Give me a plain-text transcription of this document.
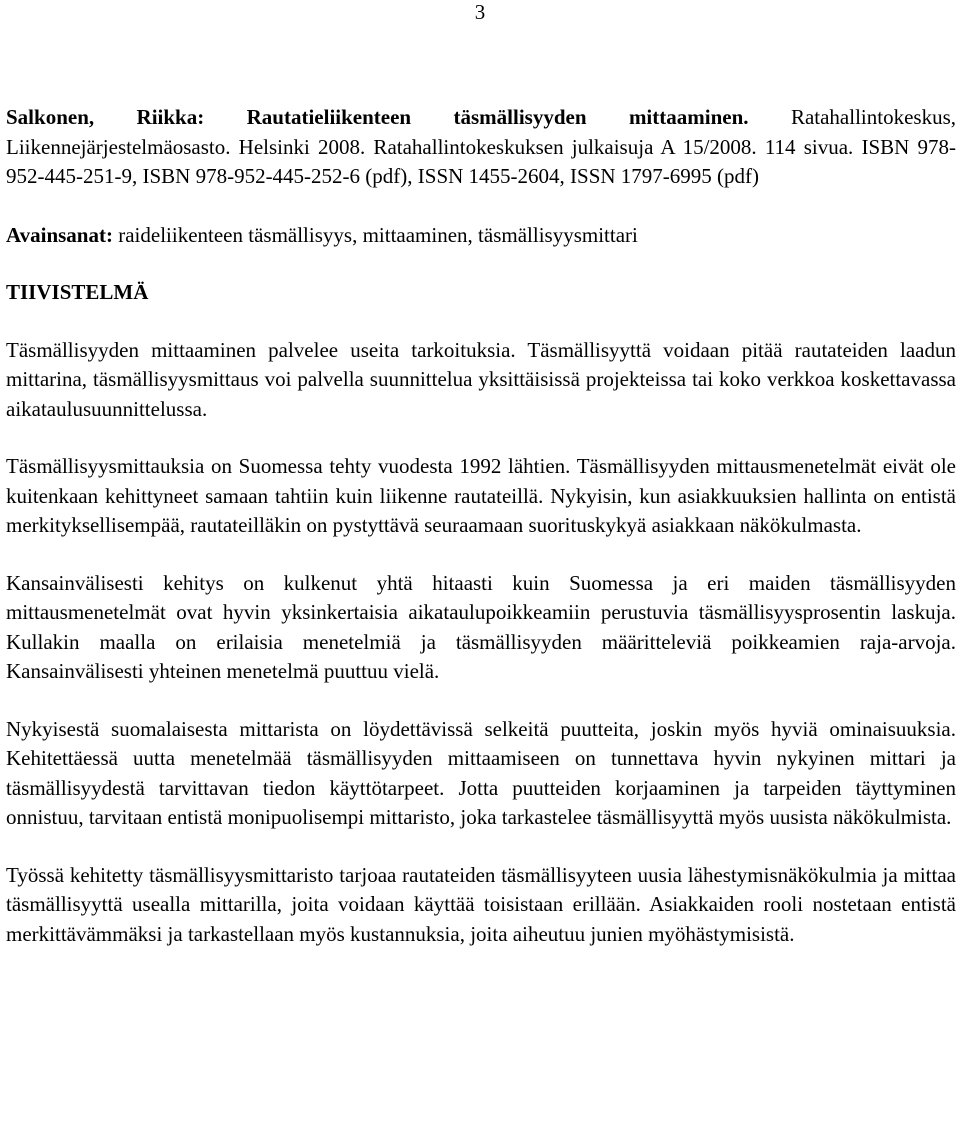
3

Salkonen, Riikka: Rautatieliikenteen täsmällisyyden mittaaminen. Ratahallintokeskus, Liikennejärjestelmäosasto. Helsinki 2008. Ratahallintokeskuksen julkaisuja A 15/2008. 114 sivua. ISBN 978-952-445-251-9, ISBN 978-952-445-252-6 (pdf), ISSN 1455-2604, ISSN 1797-6995 (pdf)

Avainsanat: raideliikenteen täsmällisyys, mittaaminen, täsmällisyysmittari

TIIVISTELMÄ

Täsmällisyyden mittaaminen palvelee useita tarkoituksia. Täsmällisyyttä voidaan pitää rautateiden laadun mittarina, täsmällisyysmittaus voi palvella suunnittelua yksittäisissä projekteissa tai koko verkkoa koskettavassa aikataulusuunnittelussa.

Täsmällisyysmittauksia on Suomessa tehty vuodesta 1992 lähtien. Täsmällisyyden mittausmenetelmät eivät ole kuitenkaan kehittyneet samaan tahtiin kuin liikenne rautateillä. Nykyisin, kun asiakkuuksien hallinta on entistä merkityksellisempää, rautateilläkin on pystyttävä seuraamaan suorituskykyä asiakkaan näkökulmasta.

Kansainvälisesti kehitys on kulkenut yhtä hitaasti kuin Suomessa ja eri maiden täsmällisyyden mittausmenetelmät ovat hyvin yksinkertaisia aikataulupoikkeamiin perustuvia täsmällisyysprosentin laskuja. Kullakin maalla on erilaisia menetelmiä ja täsmällisyyden määritteleviä poikkeamien raja-arvoja. Kansainvälisesti yhteinen menetelmä puuttuu vielä.

Nykyisestä suomalaisesta mittarista on löydettävissä selkeitä puutteita, joskin myös hyviä ominaisuuksia. Kehitettäessä uutta menetelmää täsmällisyyden mittaamiseen on tunnettava hyvin nykyinen mittari ja täsmällisyydestä tarvittavan tiedon käyttötarpeet. Jotta puutteiden korjaaminen ja tarpeiden täyttyminen onnistuu, tarvitaan entistä monipuolisempi mittaristo, joka tarkastelee täsmällisyyttä myös uusista näkökulmista.

Työssä kehitetty täsmällisyysmittaristo tarjoaa rautateiden täsmällisyyteen uusia lähestymisnäkökulmia ja mittaa täsmällisyyttä usealla mittarilla, joita voidaan käyttää toisistaan erillään. Asiakkaiden rooli nostetaan entistä merkittävämmäksi ja tarkastellaan myös kustannuksia, joita aiheutuu junien myöhästymisistä.
